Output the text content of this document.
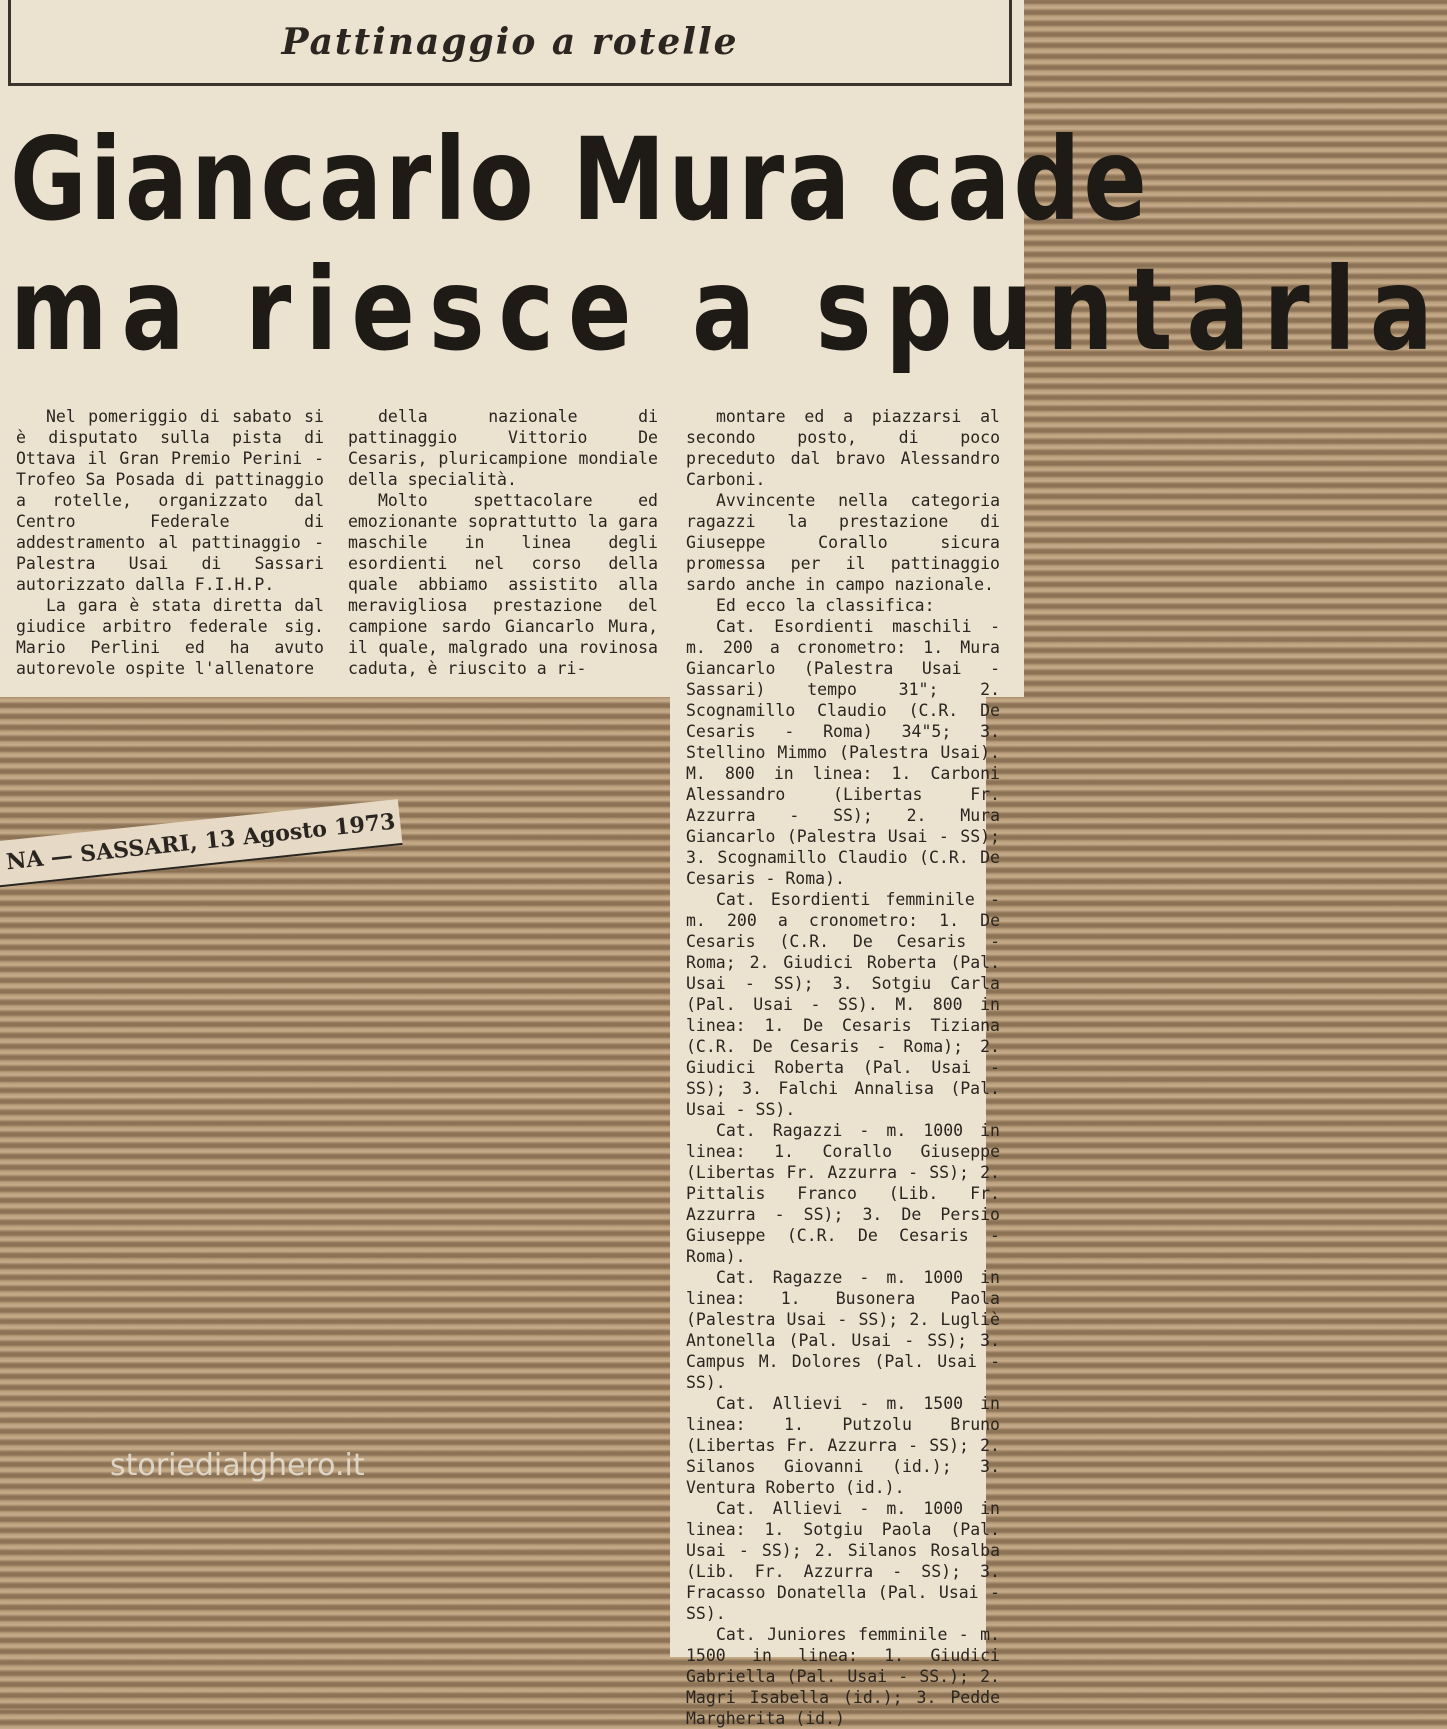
Pattinaggio a rotelle
Giancarlo Mura cade
ma riesce a spuntarla

Nel pomeriggio di sabato si è disputato sulla pista di Ottava il Gran Premio Perini - Trofeo Sa Posada di pattinaggio a rotelle, organizzato dal Centro Federale di addestramento al pattinaggio - Palestra Usai di Sassari autorizzato dalla F.I.H.P.

La gara è stata diretta dal giudice arbitro federale sig. Mario Perlini ed ha avuto autorevole ospite l'allenatore

della nazionale di pattinaggio Vittorio De Cesaris, pluricampione mondiale della specialità.

Molto spettacolare ed emozionante soprattutto la gara maschile in linea degli esordienti nel corso della quale abbiamo assistito alla meravigliosa prestazione del campione sardo Giancarlo Mura, il quale, malgrado una rovinosa caduta, è riuscito a ri-

montare ed a piazzarsi al secondo posto, di poco preceduto dal bravo Alessandro Carboni.

Avvincente nella categoria ragazzi la prestazione di Giuseppe Corallo sicura promessa per il pattinaggio sardo anche in campo nazionale.

Ed ecco la classifica:

Cat. Esordienti maschili - m. 200 a cronometro: 1. Mura Giancarlo (Palestra Usai - Sassari) tempo 31"; 2. Scognamillo Claudio (C.R. De Cesaris - Roma) 34"5; 3. Stellino Mimmo (Palestra Usai). M. 800 in linea: 1. Carboni Alessandro (Libertas Fr. Azzurra - SS); 2. Mura Giancarlo (Palestra Usai - SS); 3. Scognamillo Claudio (C.R. De Cesaris - Roma).

Cat. Esordienti femminile - m. 200 a cronometro: 1. De Cesaris (C.R. De Cesaris - Roma; 2. Giudici Roberta (Pal. Usai - SS); 3. Sotgiu Carla (Pal. Usai - SS). M. 800 in linea: 1. De Cesaris Tiziana (C.R. De Cesaris - Roma); 2. Giudici Roberta (Pal. Usai - SS); 3. Falchi Annalisa (Pal. Usai - SS).

Cat. Ragazzi - m. 1000 in linea: 1. Corallo Giuseppe (Libertas Fr. Azzurra - SS); 2. Pittalis Franco (Lib. Fr. Azzurra - SS); 3. De Persio Giuseppe (C.R. De Cesaris - Roma).

Cat. Ragazze - m. 1000 in linea: 1. Busonera Paola (Palestra Usai - SS); 2. Lugliè Antonella (Pal. Usai - SS); 3. Campus M. Dolores (Pal. Usai - SS).

Cat. Allievi - m. 1500 in linea: 1. Putzolu Bruno (Libertas Fr. Azzurra - SS); 2. Silanos Giovanni (id.); 3. Ventura Roberto (id.).

Cat. Allievi - m. 1000 in linea: 1. Sotgiu Paola (Pal. Usai - SS); 2. Silanos Rosalba (Lib. Fr. Azzurra - SS); 3. Fracasso Donatella (Pal. Usai - SS).

Cat. Juniores femminile - m. 1500 in linea: 1. Giudici Gabriella (Pal. Usai - SS.); 2. Magri Isabella (id.); 3. Pedde Margherita (id.)

NA — SASSARI, 13 Agosto 1973
storiedialghero.it
